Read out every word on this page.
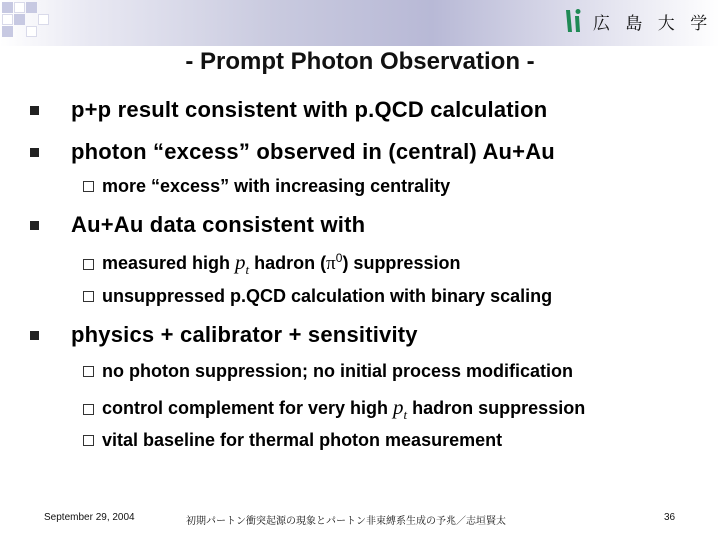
広 島 大 学
- Prompt Photon Observation -
p+p result consistent with p.QCD calculation
photon “excess” observed in (central) Au+Au
more “excess” with increasing centrality
Au+Au data consistent with
measured high $p_t$ hadron $(\pi^0)$ suppression
unsuppressed p.QCD calculation with binary scaling
physics + calibrator + sensitivity
no photon suppression; no initial process modification
control complement for very high $p_t$ hadron suppression
vital baseline for thermal photon measurement
September 29, 2004	初期パートン衝突起源の現象とパートン非束縛系生成の予兆／志垣賢太	36
